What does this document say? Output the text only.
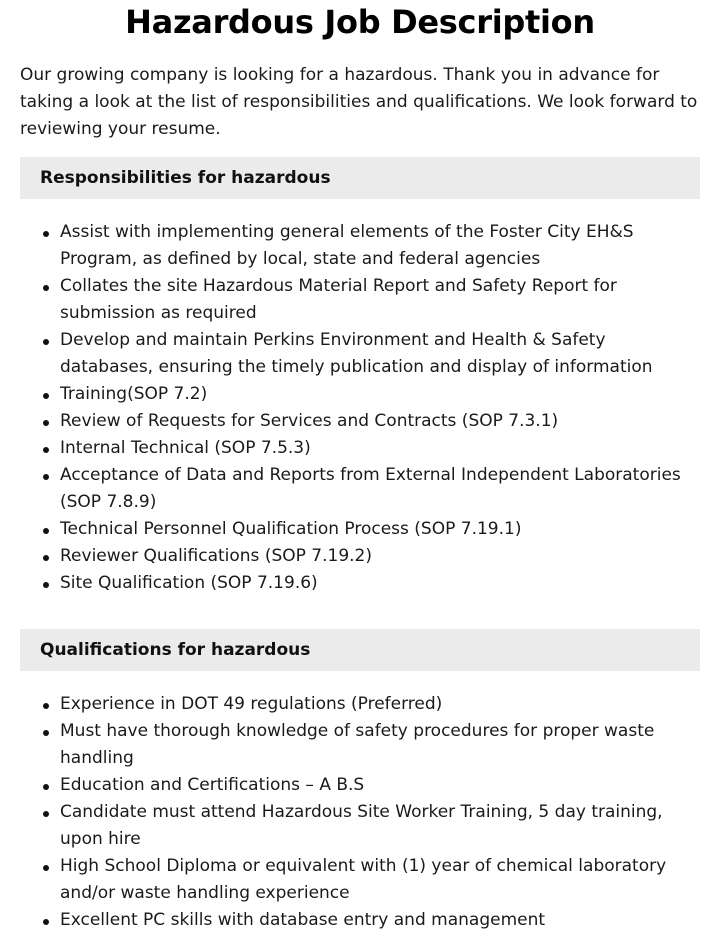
Hazardous Job Description

Our growing company is looking for a hazardous. Thank you in advance for taking a look at the list of responsibilities and qualifications. We look forward to reviewing your resume.

Responsibilities for hazardous
Assist with implementing general elements of the Foster City EH&S Program, as defined by local, state and federal agencies
Collates the site Hazardous Material Report and Safety Report for submission as required
Develop and maintain Perkins Environment and Health & Safety databases, ensuring the timely publication and display of information
Training(SOP 7.2)
Review of Requests for Services and Contracts (SOP 7.3.1)
Internal Technical (SOP 7.5.3)
Acceptance of Data and Reports from External Independent Laboratories (SOP 7.8.9)
Technical Personnel Qualification Process (SOP 7.19.1)
Reviewer Qualifications (SOP 7.19.2)
Site Qualification (SOP 7.19.6)
Qualifications for hazardous
Experience in DOT 49 regulations (Preferred)
Must have thorough knowledge of safety procedures for proper waste handling
Education and Certifications – A B.S
Candidate must attend Hazardous Site Worker Training, 5 day training, upon hire
High School Diploma or equivalent with (1) year of chemical laboratory and/or waste handling experience
Excellent PC skills with database entry and management
